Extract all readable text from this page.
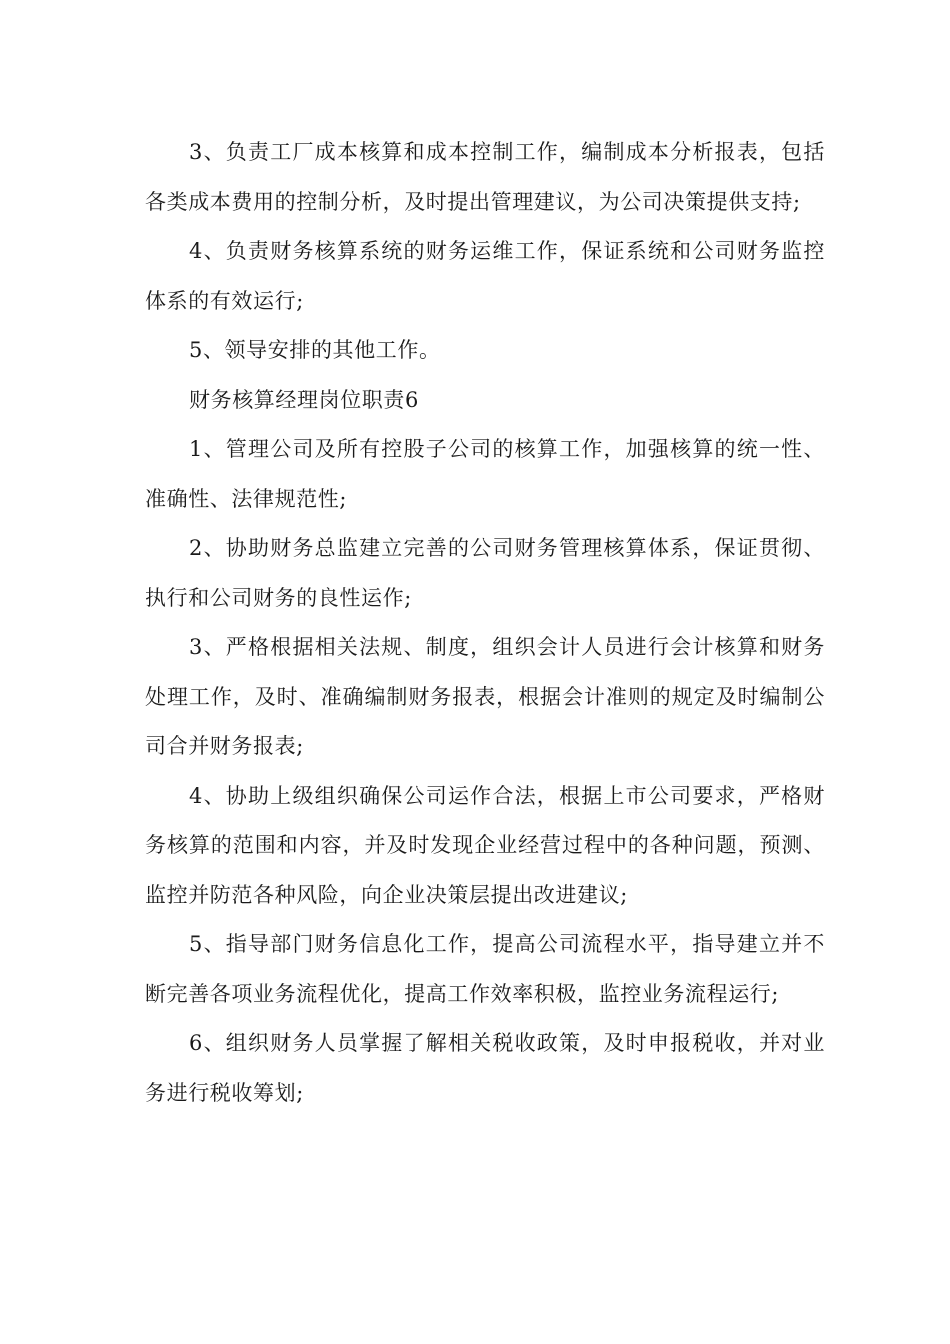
3、负责工厂成本核算和成本控制工作，编制成本分析报表，包括各类成本费用的控制分析，及时提出管理建议，为公司决策提供支持;

4、负责财务核算系统的财务运维工作，保证系统和公司财务监控体系的有效运行;

5、领导安排的其他工作。

财务核算经理岗位职责6

1、管理公司及所有控股子公司的核算工作，加强核算的统一性、准确性、法律规范性;

2、协助财务总监建立完善的公司财务管理核算体系，保证贯彻、执行和公司财务的良性运作;

3、严格根据相关法规、制度，组织会计人员进行会计核算和财务处理工作，及时、准确编制财务报表，根据会计准则的规定及时编制公司合并财务报表;

4、协助上级组织确保公司运作合法，根据上市公司要求，严格财务核算的范围和内容，并及时发现企业经营过程中的各种问题，预测、监控并防范各种风险，向企业决策层提出改进建议;

5、指导部门财务信息化工作，提高公司流程水平，指导建立并不断完善各项业务流程优化，提高工作效率积极，监控业务流程运行;

6、组织财务人员掌握了解相关税收政策，及时申报税收，并对业务进行税收筹划;
